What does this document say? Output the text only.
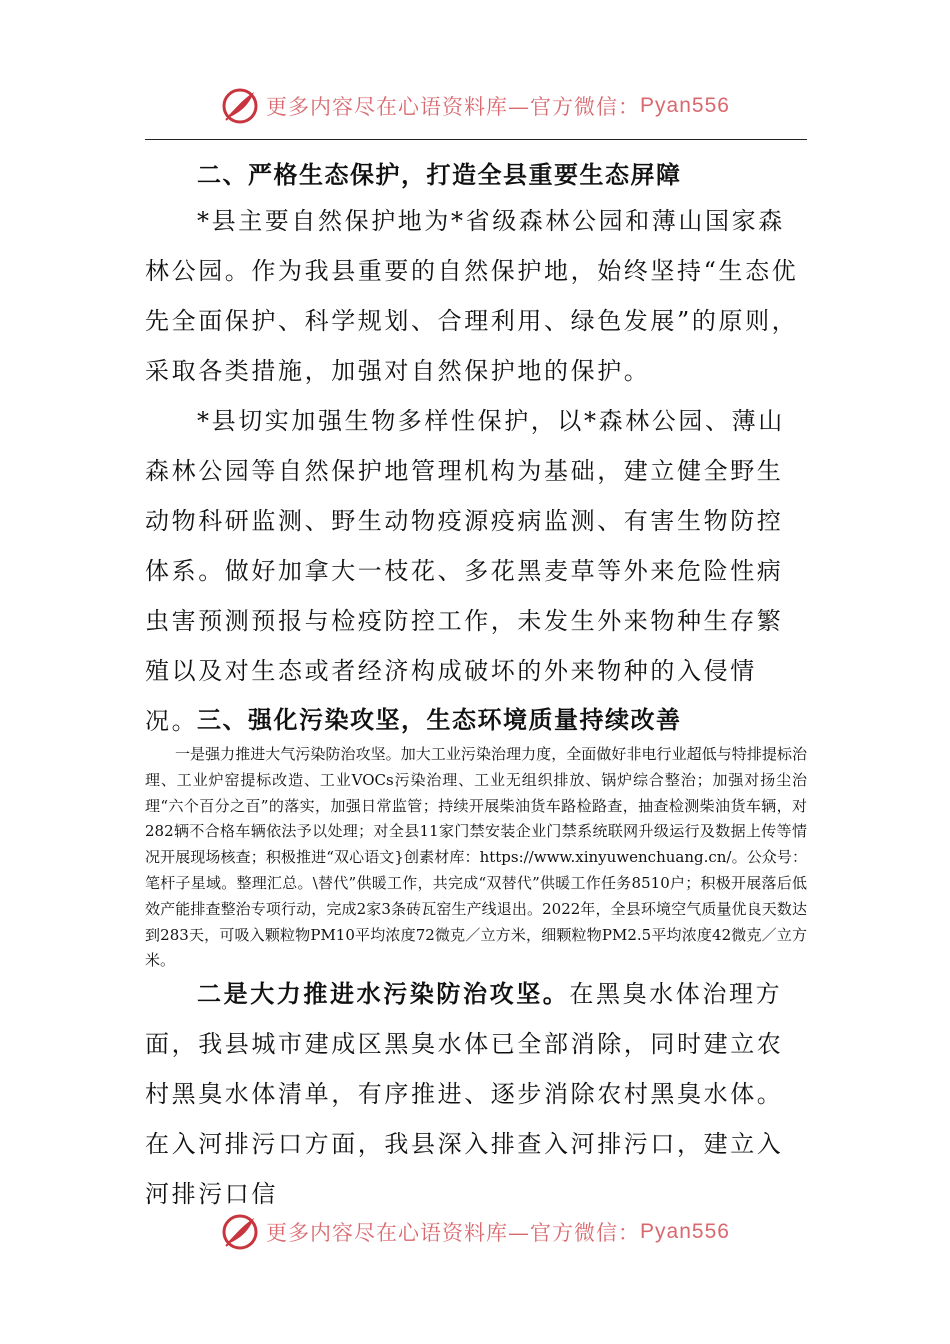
更多内容尽在心语资料库—官方微信： Pyan556
二、严格生态保护，打造全县重要生态屏障

*县主要自然保护地为*省级森林公园和薄山国家森林公园。作为我县重要的自然保护地，始终坚持“生态优先全面保护、科学规划、合理利用、绿色发展”的原则，采取各类措施，加强对自然保护地的保护。

*县切实加强生物多样性保护，以*森林公园、薄山森林公园等自然保护地管理机构为基础，建立健全野生动物科研监测、野生动物疫源疫病监测、有害生物防控体系。做好加拿大一枝花、多花黑麦草等外来危险性病虫害预测预报与检疫防控工作，未发生外来物种生存繁殖以及对生态或者经济构成破坏的外来物种的入侵情况。

三、强化污染攻坚，生态环境质量持续改善

一是强力推进大气污染防治攻坚。加大工业污染治理力度，全面做好非电行业超低与特排提标治理、工业炉窑提标改造、工业VOCs污染治理、工业无组织排放、锅炉综合整治；加强对扬尘治理“六个百分之百”的落实，加强日常监管；持续开展柴油货车路检路查，抽查检测柴油货车辆，对282辆不合格车辆依法予以处理；对全县11家门禁安装企业门禁系统联网升级运行及数据上传等情况开展现场核查；积极推进“双心语文}创素材库：https://www.xinyuwenchuang.cn/。公众号：笔杆子星域。整理汇总。\替代”供暖工作，共完成“双替代”供暖工作任务8510户；积极开展落后低效产能排查整治专项行动，完成2家3条砖瓦窑生产线退出。2022年，全县环境空气质量优良天数达到283天，可吸入颗粒物PM10平均浓度72微克／立方米，细颗粒物PM2.5平均浓度42微克／立方米。

二是大力推进水污染防治攻坚。在黑臭水体治理方面，我县城市建成区黑臭水体已全部消除，同时建立农村黑臭水体清单，有序推进、逐步消除农村黑臭水体。在入河排污口方面，我县深入排查入河排污口，建立入河排污口信

更多内容尽在心语资料库—官方微信： Pyan556
